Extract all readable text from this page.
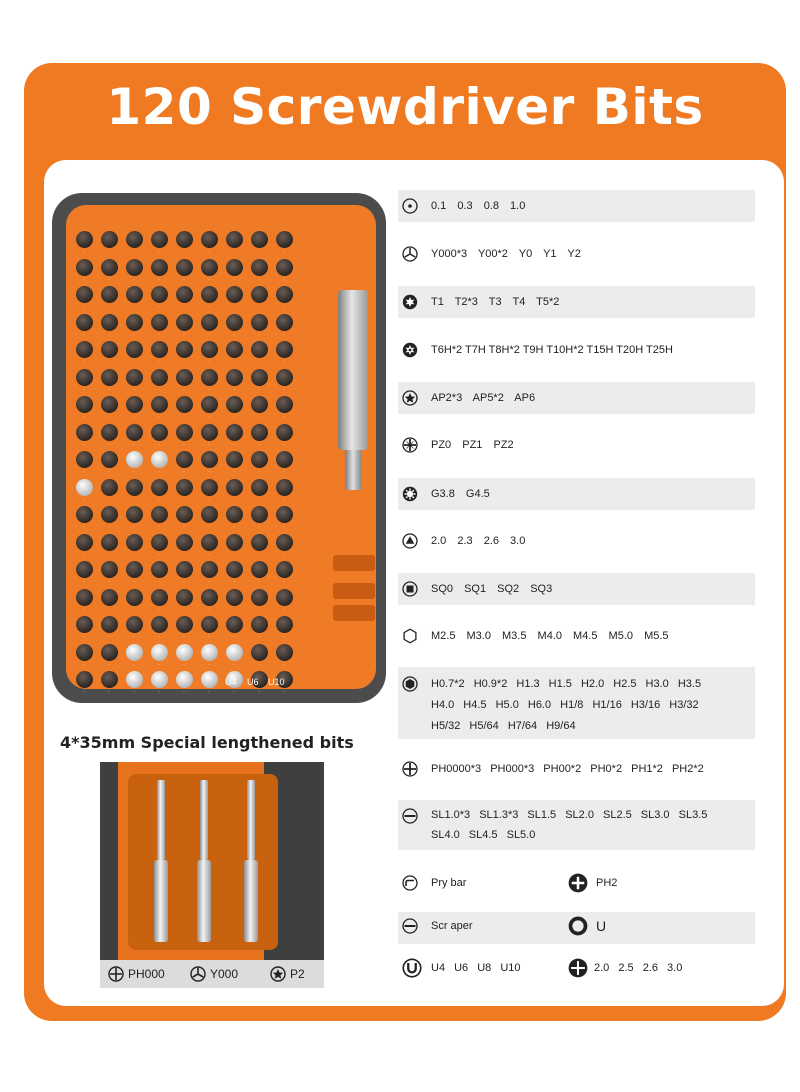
120 Screwdriver Bits
·	·	·	·	·	·	·	·	·
·	·	·	·	·	·	·	·	·
·	·	·	·	·	·	·	·	·
·	·	·	·	·	·	·	·	·
·	·	·	·	·	·	·	·	·
·	·	·	·	·	·	·	·	·
·	·	·	·	·	·	·	·	·
·	·	·	·	·	·	·	·	·
·	·	·	·	·	·	·	·	·
·	·	·	·	·	·	·	·	·
·	·	·	·	·	·	·	·	·
·	·	·	·	·	·	·	·	·
·	·	·	·	·	·	·	·	·
·	·	·	·	·	·	·	·	·
·	·	·	·	·	·	·	·	·
·	·	·	·	·	·	·	·	·
·	·	·	·	·	·	·	·	·
U4 U6 U10
4*35mm Special lengthened bits
PH000	Y000	P2
0.1 0.3 0.8 1.0
Y000*3 Y00*2 Y0 Y1 Y2
T1 T2*3 T3 T4 T5*2
T6H*2 T7H T8H*2 T9H T10H*2 T15H T20H T25H
AP2*3 AP5*2 AP6
PZ0 PZ1 PZ2
G3.8 G4.5
2.0 2.3 2.6 3.0
SQ0 SQ1 SQ2 SQ3
M2.5 M3.0 M3.5 M4.0 M4.5 M5.0 M5.5
H0.7*2 H0.9*2 H1.3 H1.5 H2.0 H2.5 H3.0 H3.5
H4.0 H4.5 H5.0 H6.0 H1/8 H1/16 H3/16 H3/32
H5/32 H5/64 H7/64 H9/64
PH0000*3 PH000*3 PH00*2 PH0*2 PH1*2 PH2*2
SL1.0*3 SL1.3*3 SL1.5 SL2.0 SL2.5 SL3.0 SL3.5
SL4.0 SL4.5 SL5.0
Pry bar	PH2
Scr aper	U
U4 U6 U8 U10	2.0 2.5 2.6 3.0
